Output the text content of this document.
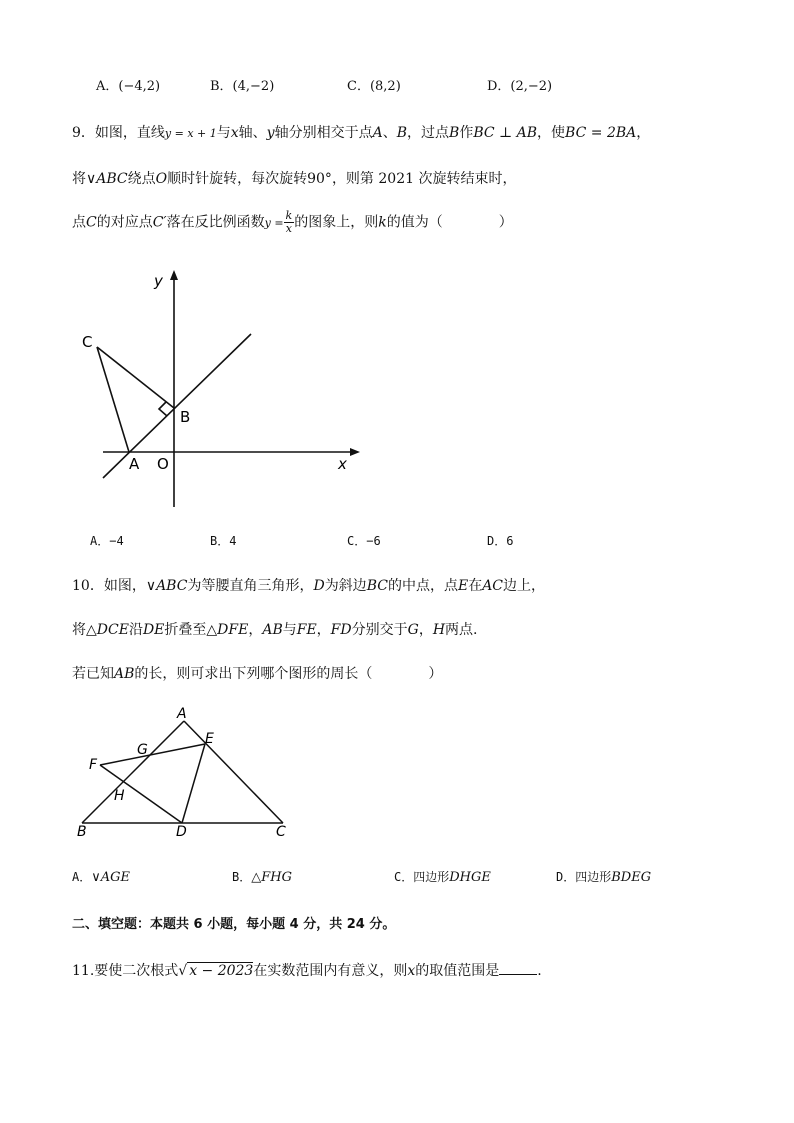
A．(−4,2)	B．(4,−2)	C．(8,2)	D．(2,−2)
9．如图，直线y = x + 1与x轴、y轴分别相交于点A、B，过点B作BC ⊥ AB，使BC = 2BA，
将∨ABC绕点O顺时针旋转，每次旋转90°，则第 2021 次旋转结束时，
点C的对应点C′落在反比例函数$y = \frac{k}{x}$ 的图象上，则k的值为（　　　　）
y
x
C
B
A O
A
E
G
F
H
B	D	C
A．−4	B．4	C．−6	D．6
10．如图，∨ABC为等腰直角三角形，D为斜边BC的中点，点E在AC边上，
将△DCE沿DE折叠至△DFE，AB与FE，FD分别交于G，H两点.
若已知AB的长，则可求出下列哪个图形的周长（　　　　）
A．∨AGE	B．△FHG	C．四边形DHGE	D．四边形BDEG
二、填空题：本题共 6 小题，每小题 4 分，共 24 分。
11.要使二次根式√ x − 2023在实数范围内有意义，则x的取值范围是	.
